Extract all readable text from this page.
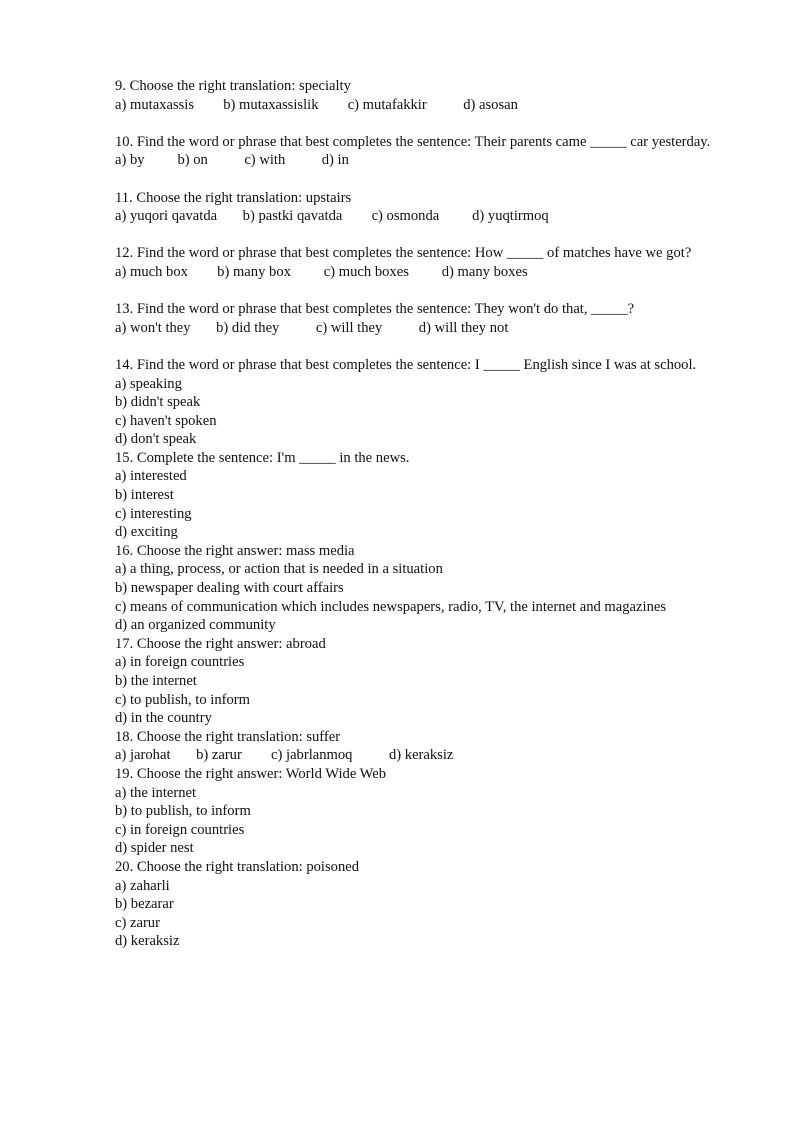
9. Choose the right translation: specialty

a) mutaxassis b) mutaxassislik c) mutafakkir d) asosan

10. Find the word or phrase that best completes the sentence: Their parents came _____ car yesterday.

a) by b) on c) with d) in

11. Choose the right translation: upstairs

a) yuqori qavatda b) pastki qavatda c) osmonda d) yuqtirmoq

12. Find the word or phrase that best completes the sentence: How _____ of matches have we got?

a) much box b) many box c) much boxes d) many boxes

13. Find the word or phrase that best completes the sentence: They won't do that, _____?

a) won't they b) did they c) will they d) will they not

14. Find the word or phrase that best completes the sentence: I _____ English since I was at school.

a) speaking
b) didn't speak
c) haven't spoken
d) don't speak

15. Complete the sentence: I'm _____ in the news.

a) interested
b) interest
c) interesting
d) exciting

16. Choose the right answer: mass media

a) a thing, process, or action that is needed in a situation
b) newspaper dealing with court affairs
c) means of communication which includes newspapers, radio, TV, the internet and magazines
d) an organized community

17. Choose the right answer: abroad

a) in foreign countries
b) the internet
c) to publish, to inform
d) in the country

18. Choose the right translation: suffer

a) jarohat b) zarur c) jabrlanmoq d) keraksiz

19. Choose the right answer: World Wide Web

a) the internet
b) to publish, to inform
c) in foreign countries
d) spider nest

20. Choose the right translation: poisoned

a) zaharli
b) bezarar
c) zarur
d) keraksiz
